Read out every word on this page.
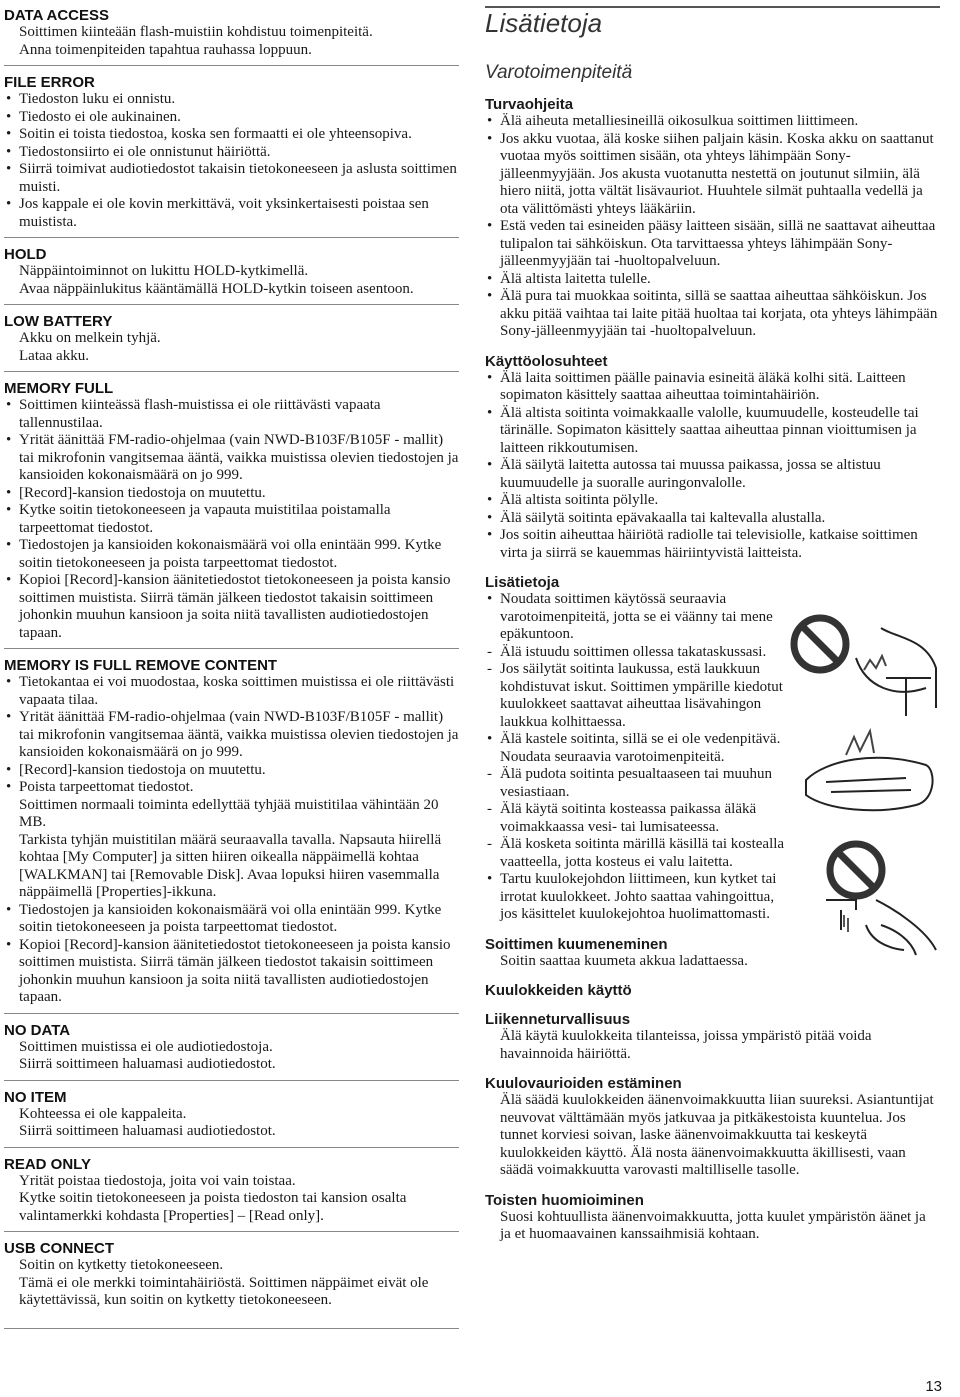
DATA ACCESS
Soittimen kiinteään flash-muistiin kohdistuu toimenpiteitä.
Anna toimenpiteiden tapahtua rauhassa loppuun.
FILE ERROR
• Tiedoston luku ei onnistu.
• Tiedosto ei ole aukinainen.
• Soitin ei toista tiedostoa, koska sen formaatti ei ole yhteensopiva.
• Tiedostonsiirto ei ole onnistunut häiriöttä.
• Siirrä toimivat audiotiedostot takaisin tietokoneeseen ja aslusta soittimen muisti.
• Jos kappale ei ole kovin merkittävä, voit yksinkertaisesti poistaa sen muistista.
HOLD
Näppäintoiminnot on lukittu HOLD-kytkimellä.
Avaa näppäinlukitus kääntämällä HOLD-kytkin toiseen asentoon.
LOW BATTERY
Akku on melkein tyhjä.
Lataa akku.
MEMORY FULL
• Soittimen kiinteässä flash-muistissa ei ole riittävästi vapaata tallennustilaa.
• Yrität äänittää FM-radio-ohjelmaa (vain NWD-B103F/B105F - mallit) tai mikrofonin vangitsemaa ääntä, vaikka muistissa olevien tiedostojen ja kansioiden kokonaismäärä on jo 999.
• [Record]-kansion tiedostoja on muutettu.
• Kytke soitin tietokoneeseen ja vapauta muistitilaa poistamalla tarpeettomat tiedostot.
• Tiedostojen ja kansioiden kokonaismäärä voi olla enintään 999. Kytke soitin tietokoneeseen ja poista tarpeettomat tiedostot.
• Kopioi [Record]-kansion äänitetiedostot tietokoneeseen ja poista kansio soittimen muistista. Siirrä tämän jälkeen tiedostot takaisin soittimeen johonkin muuhun kansioon ja soita niitä tavallisten audiotiedostojen tapaan.
MEMORY IS FULL REMOVE CONTENT
• Tietokantaa ei voi muodostaa, koska soittimen muistissa ei ole riittävästi vapaata tilaa.
• Yrität äänittää FM-radio-ohjelmaa (vain NWD-B103F/B105F - mallit) tai mikrofonin vangitsemaa ääntä, vaikka muistissa olevien tiedostojen ja kansioiden kokonaismäärä on jo 999.
• [Record]-kansion tiedostoja on muutettu.
• Poista tarpeettomat tiedostot.
Soittimen normaali toiminta edellyttää tyhjää muistitilaa vähintään 20 MB.
Tarkista tyhjän muistitilan määrä seuraavalla tavalla. Napsauta hiirellä kohtaa [My Computer] ja sitten hiiren oikealla näppäimellä kohtaa [WALKMAN] tai [Removable Disk]. Avaa lopuksi hiiren vasemmalla näppäimellä [Properties]-ikkuna.
• Tiedostojen ja kansioiden kokonaismäärä voi olla enintään 999. Kytke soitin tietokoneeseen ja poista tarpeettomat tiedostot.
• Kopioi [Record]-kansion äänitetiedostot tietokoneeseen ja poista kansio soittimen muistista. Siirrä tämän jälkeen tiedostot takaisin soittimeen johonkin muuhun kansioon ja soita niitä tavallisten audiotiedostojen tapaan.
NO DATA
Soittimen muistissa ei ole audiotiedostoja.
Siirrä soittimeen haluamasi audiotiedostot.
NO ITEM
Kohteessa ei ole kappaleita.
Siirrä soittimeen haluamasi audiotiedostot.
READ ONLY
Yrität poistaa tiedostoja, joita voi vain toistaa.
Kytke soitin tietokoneeseen ja poista tiedoston tai kansion osalta valintamerkki kohdasta [Properties] – [Read only].
USB CONNECT
Soitin on kytketty tietokoneeseen.
Tämä ei ole merkki toimintahäiriöstä. Soittimen näppäimet eivät ole käytettävissä, kun soitin on kytketty tietokoneeseen.
Lisätietoja
Varotoimenpiteitä
Turvaohjeita
• Älä aiheuta metalliesineillä oikosulkua soittimen liittimeen.
• Jos akku vuotaa, älä koske siihen paljain käsin. Koska akku on saattanut vuotaa myös soittimen sisään, ota yhteys lähimpään Sony-jälleenmyyjään. Jos akusta vuotanutta nestettä on joutunut silmiin, älä hiero niitä, jotta vältät lisävauriot. Huuhtele silmät puhtaalla vedellä ja ota välittömästi yhteys lääkäriin.
• Estä veden tai esineiden pääsy laitteen sisään, sillä ne saattavat aiheuttaa tulipalon tai sähköiskun. Ota tarvittaessa yhteys lähimpään Sony-jälleenmyyjään tai -huoltopalveluun.
• Älä altista laitetta tulelle.
• Älä pura tai muokkaa soitinta, sillä se saattaa aiheuttaa sähköiskun. Jos akku pitää vaihtaa tai laite pitää huoltaa tai korjata, ota yhteys lähimpään Sony-jälleenmyyjään tai -huoltopalveluun.
Käyttöolosuhteet
• Älä laita soittimen päälle painavia esineitä äläkä kolhi sitä. Laitteen sopimaton käsittely saattaa aiheuttaa toimintahäiriön.
• Älä altista soitinta voimakkaalle valolle, kuumuudelle, kosteudelle tai tärinälle. Sopimaton käsittely saattaa aiheuttaa pinnan vioittumisen ja laitteen rikkoutumisen.
• Älä säilytä laitetta autossa tai muussa paikassa, jossa se altistuu kuumuudelle ja suoralle auringonvalolle.
• Älä altista soitinta pölylle.
• Älä säilytä soitinta epävakaalla tai kaltevalla alustalla.
• Jos soitin aiheuttaa häiriötä radiolle tai televisiolle, katkaise soittimen virta ja siirrä se kauemmas häiriintyvistä laitteista.
Lisätietoja
• Noudata soittimen käytössä seuraavia varotoimenpiteitä, jotta se ei väänny tai mene epäkuntoon.
- Älä istuudu soittimen ollessa takataskussasi.
- Jos säilytät soitinta laukussa, estä laukkuun kohdistuvat iskut. Soittimen ympärille kiedotut kuulokkeet saattavat aiheuttaa lisävahingon laukkua kolhittaessa.
• Älä kastele soitinta, sillä se ei ole vedenpitävä. Noudata seuraavia varotoimenpiteitä.
- Älä pudota soitinta pesualtaaseen tai muuhun vesiastiaan.
- Älä käytä soitinta kosteassa paikassa äläkä voimakkaassa vesi- tai lumisateessa.
- Älä kosketa soitinta märillä käsillä tai kostealla vaatteella, jotta kosteus ei valu laitetta.
• Tartu kuulokejohdon liittimeen, kun kytket tai irrotat kuulokkeet. Johto saattaa vahingoittua, jos käsittelet kuulokejohtoa huolimattomasti.
Soittimen kuumeneminen
Soitin saattaa kuumeta akkua ladattaessa.
Kuulokkeiden käyttö
Liikenneturvallisuus
Älä käytä kuulokkeita tilanteissa, joissa ympäristö pitää voida havainnoida häiriöttä.
Kuulovaurioiden estäminen
Älä säädä kuulokkeiden äänenvoimakkuutta liian suureksi. Asiantuntijat neuvovat välttämään myös jatkuvaa ja pitkäkestoista kuuntelua. Jos tunnet korviesi soivan, laske äänenvoimakkuutta tai keskeytä kuulokkeiden käyttö. Älä nosta äänenvoimakkuutta äkillisesti, vaan säädä voimakkuutta varovasti maltilliselle tasolle.
Toisten huomioiminen
Suosi kohtuullista äänenvoimakkuutta, jotta kuulet ympäristön äänet ja ja et huomaavainen kanssaihmisiä kohtaan.
13
